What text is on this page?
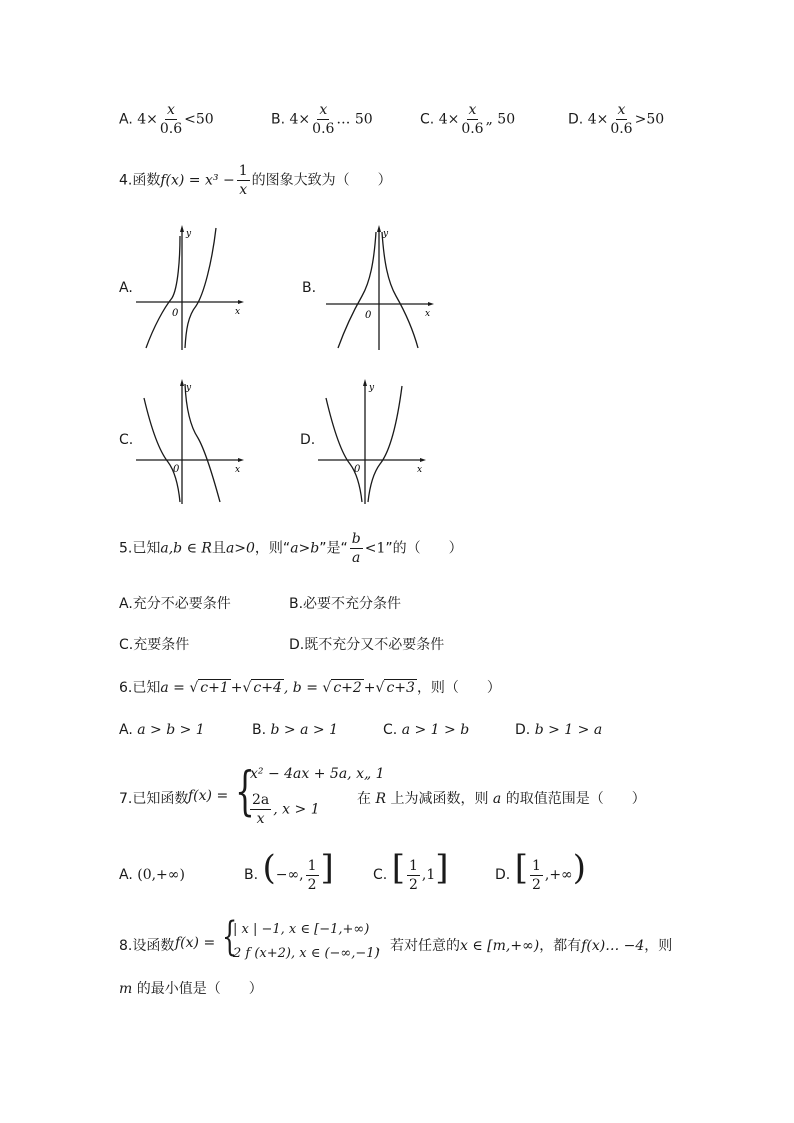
A. $4\times \frac{x}{0.6} <50$	B. $4\times \frac{x}{0.6}$ … 50	C. $4\times \frac{x}{0.6}$ „ 50	D. $4\times \frac{x}{0.6} >50$
4.函数$f(x) = x^3 - \frac{1}{x}$ 的图象大致为（　　）
A.	B.
C.	D.
y
x
0
y
x
0
y
x
0
y
x
0
5.已知a,b ∈ R且a>0，则“a>b”是“ $\frac{b}{a} <1$”的（　　）
A.充分不必要条件	B.必要不充分条件
C.充要条件	D.既不充分又不必要条件
6.已知a = √ c+1 +√ c+4 , b = √ c+2 +√ c+3 ，则（　　）
A. a > b > 1	B. b > a > 1	C. a > 1 > b	D. b > 1 > a
7.已知函数 f(x) = {
x² − 4ax + 5a, x„ 1
$\frac{2a}{x}$ , x > 1
在 R 上为减函数，则 a 的取值范围是（　　）
A. (0,+∞)	B. (−∞, $\frac{1}{2}$ ]	C. [ $\frac{1}{2} ,1$]	D. [ $\frac{1}{2}$ ,+∞)
8.设函数 f(x) = {
| x | −1, x ∈ [−1,+∞)
2 f (x+2), x ∈ (−∞,−1)
，若对任意的x ∈ [m,+∞)，都有f(x)… −4，则
m 的最小值是（　　）
